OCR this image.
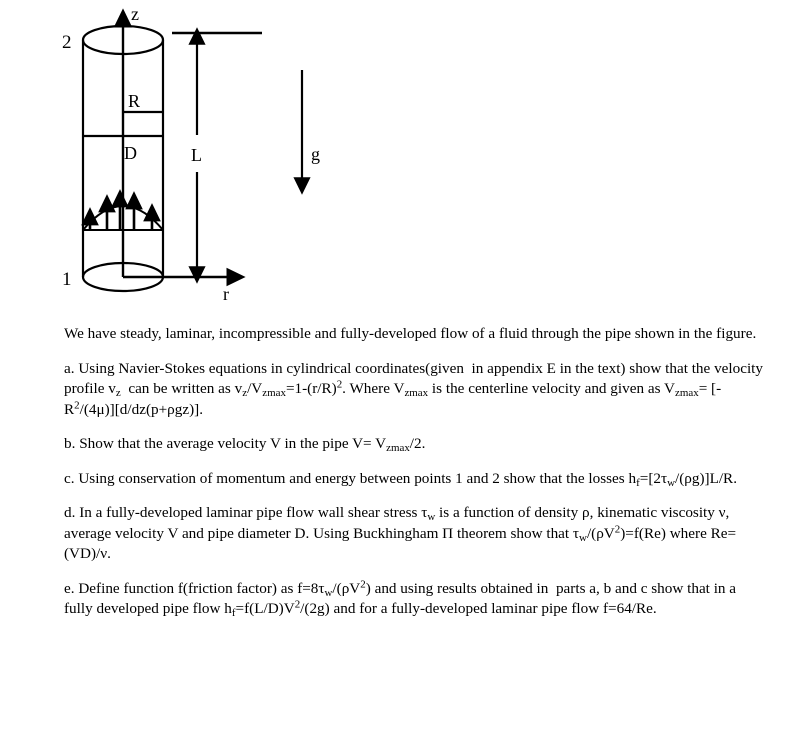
z
r
2
1
R
D	L	g

We have steady, laminar, incompressible and fully-developed flow of a fluid through the pipe shown in the figure.

a. Using Navier-Stokes equations in cylindrical coordinates(given  in appendix E in the text) show that the velocity profile $v_z$  can be written as $v_z/V_{zmax}=1-(r/R)^2$. Where $V_{zmax}$ is the centerline velocity and given as $V_{zmax}= [-R^2/(4\mu)][d/dz(p+\rho gz)]$.

b. Show that the average velocity V in the pipe $V= V_{zmax}/2$.

c. Using conservation of momentum and energy between points 1 and 2 show that the losses $h_f=[2\tau_w/(\rho g)]L/R$.

d. In a fully-developed laminar pipe flow wall shear stress $\tau_w$ is a function of density ρ, kinematic viscosity ν, average velocity V and pipe diameter D. Using Buckhingham Π theorem show that $\tau_w/(\rho V^2)=f(Re)$ where Re=(VD)/ν.

e. Define function f(friction factor) as $f=8\tau_w/(\rho V^2)$ and using results obtained in  parts a, b and c show that in a fully developed pipe flow $h_f=f(L/D)V^2/(2g)$ and for a fully-developed laminar pipe flow f=64/Re.
